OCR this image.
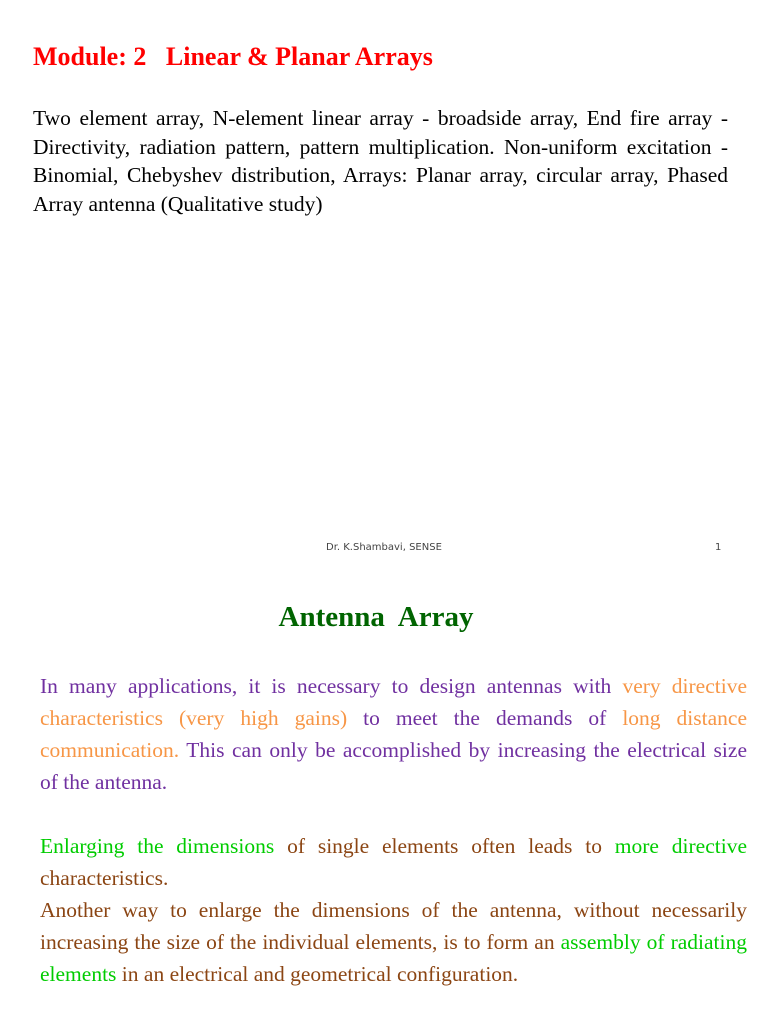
Module: 2   Linear & Planar Arrays

Two element array, N-element linear array - broadside array, End fire array - Directivity, radiation pattern, pattern multiplication. Non-uniform excitation - Binomial, Chebyshev distribution, Arrays: Planar array, circular array, Phased Array antenna (Qualitative study)

Dr. K.Shambavi, SENSE	1
Antenna  Array

In many applications, it is necessary to design antennas with very directive characteristics (very high gains) to meet the demands of long distance communication. This can only be accomplished by increasing the electrical size of the antenna.

Enlarging the dimensions of single elements often leads to more directive characteristics.

Another way to enlarge the dimensions of the antenna, without necessarily increasing the size of the individual elements, is to form an assembly of radiating elements in an electrical and geometrical configuration.
